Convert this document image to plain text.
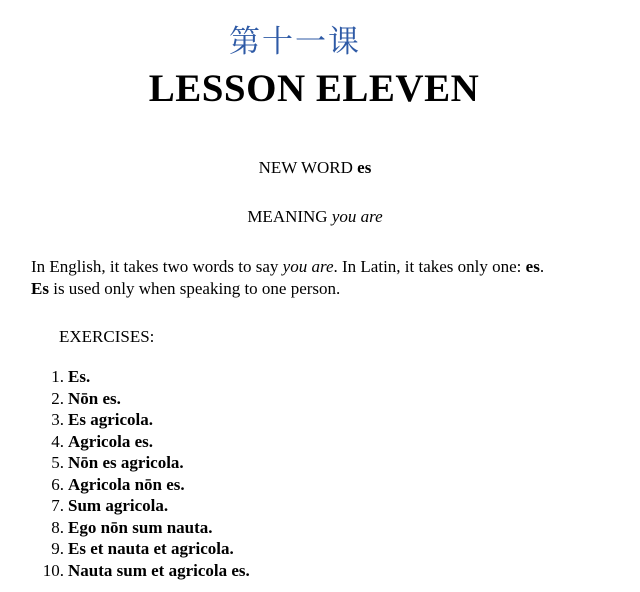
第十一课
LESSON ELEVEN
NEW WORD es
MEANING you are
In English, it takes two words to say you are. In Latin, it takes only one: es.
Es is used only when speaking to one person.
EXERCISES:
1. Es.
2. Nōn es.
3. Es agricola.
4. Agricola es.
5. Nōn es agricola.
6. Agricola nōn es.
7. Sum agricola.
8. Ego nōn sum nauta.
9. Es et nauta et agricola.
10. Nauta sum et agricola es.
